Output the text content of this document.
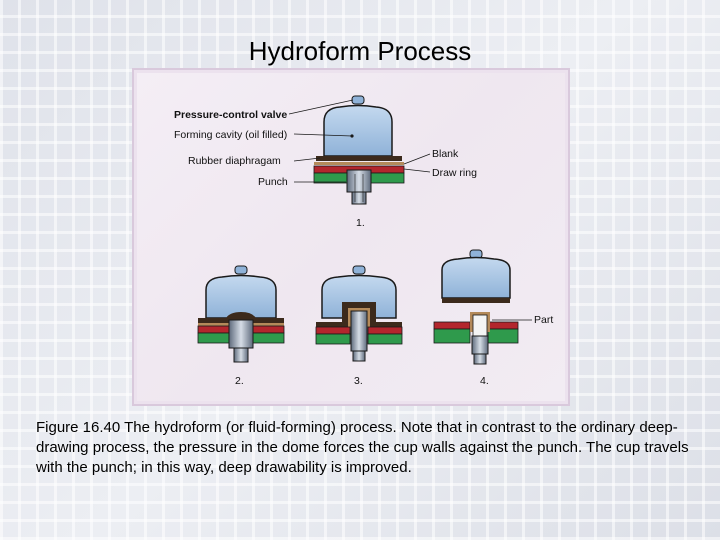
Hydroform Process
Pressure-control valve
Forming cavity (oil filled)
Rubber diaphragam
Punch
Blank
Draw ring
1.
2.	3.
Part
4.
Figure 16.40 The hydroform (or fluid-forming) process. Note that in contrast to the ordinary deep-drawing process, the pressure in the dome forces the cup walls against the punch. The cup travels with the punch; in this way, deep drawability is improved.
